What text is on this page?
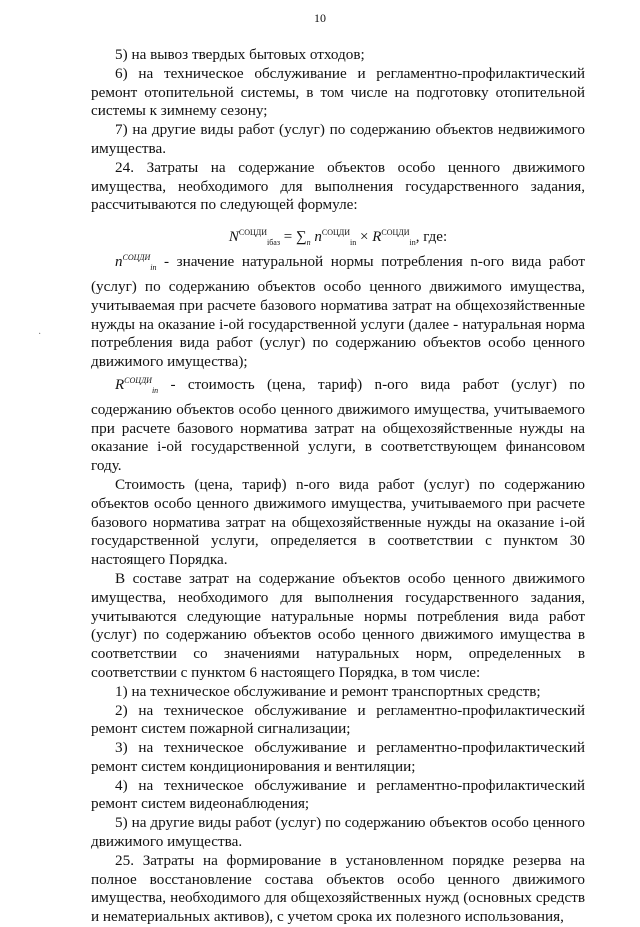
10
·

5) на вывоз твердых бытовых отходов;

6) на техническое обслуживание и регламентно-профилактический ремонт отопительной системы, в том числе на подготовку отопительной системы к зимнему сезону;

7) на другие виды работ (услуг) по содержанию объектов недвижимого имущества.

24. Затраты на содержание объектов особо ценного движимого имущества, необходимого для выполнения государственного задания, рассчитываются по следующей формуле:

$N^{СОЦДИ}_{iбаз} = \sum_n$ $n^{СОЦДИ}_{in} \times R^{СОЦДИ}_{in}$, где:

$n^{СОЦДИ}_{in}$ - значение натуральной нормы потребления n-ого вида работ (услуг) по содержанию объектов особо ценного движимого имущества, учитываемая при расчете базового норматива затрат на общехозяйственные нужды на оказание i-ой государственной услуги (далее - натуральная норма потребления вида работ (услуг) по содержанию объектов особо ценного движимого имущества);

$R^{СОЦДИ}_{in}$ - стоимость (цена, тариф) n-ого вида работ (услуг) по содержанию объектов особо ценного движимого имущества, учитываемого при расчете базового норматива затрат на общехозяйственные нужды на оказание i-ой государственной услуги, в соответствующем финансовом году.

Стоимость (цена, тариф) n-ого вида работ (услуг) по содержанию объектов особо ценного движимого имущества, учитываемого при расчете базового норматива затрат на общехозяйственные нужды на оказание i-ой государственной услуги, определяется в соответствии с пунктом 30 настоящего Порядка.

В составе затрат на содержание объектов особо ценного движимого имущества, необходимого для выполнения государственного задания, учитываются следующие натуральные нормы потребления вида работ (услуг) по содержанию объектов особо ценного движимого имущества в соответствии со значениями натуральных норм, определенных в соответствии с пунктом 6 настоящего Порядка, в том числе:

1) на техническое обслуживание и ремонт транспортных средств;

2) на техническое обслуживание и регламентно-профилактический ремонт систем пожарной сигнализации;

3) на техническое обслуживание и регламентно-профилактический ремонт систем кондиционирования и вентиляции;

4) на техническое обслуживание и регламентно-профилактический ремонт систем видеонаблюдения;

5) на другие виды работ (услуг) по содержанию объектов особо ценного движимого имущества.

25. Затраты на формирование в установленном порядке резерва на полное восстановление состава объектов особо ценного движимого имущества, необходимого для общехозяйственных нужд (основных средств и нематериальных активов), с учетом срока их полезного использования,
